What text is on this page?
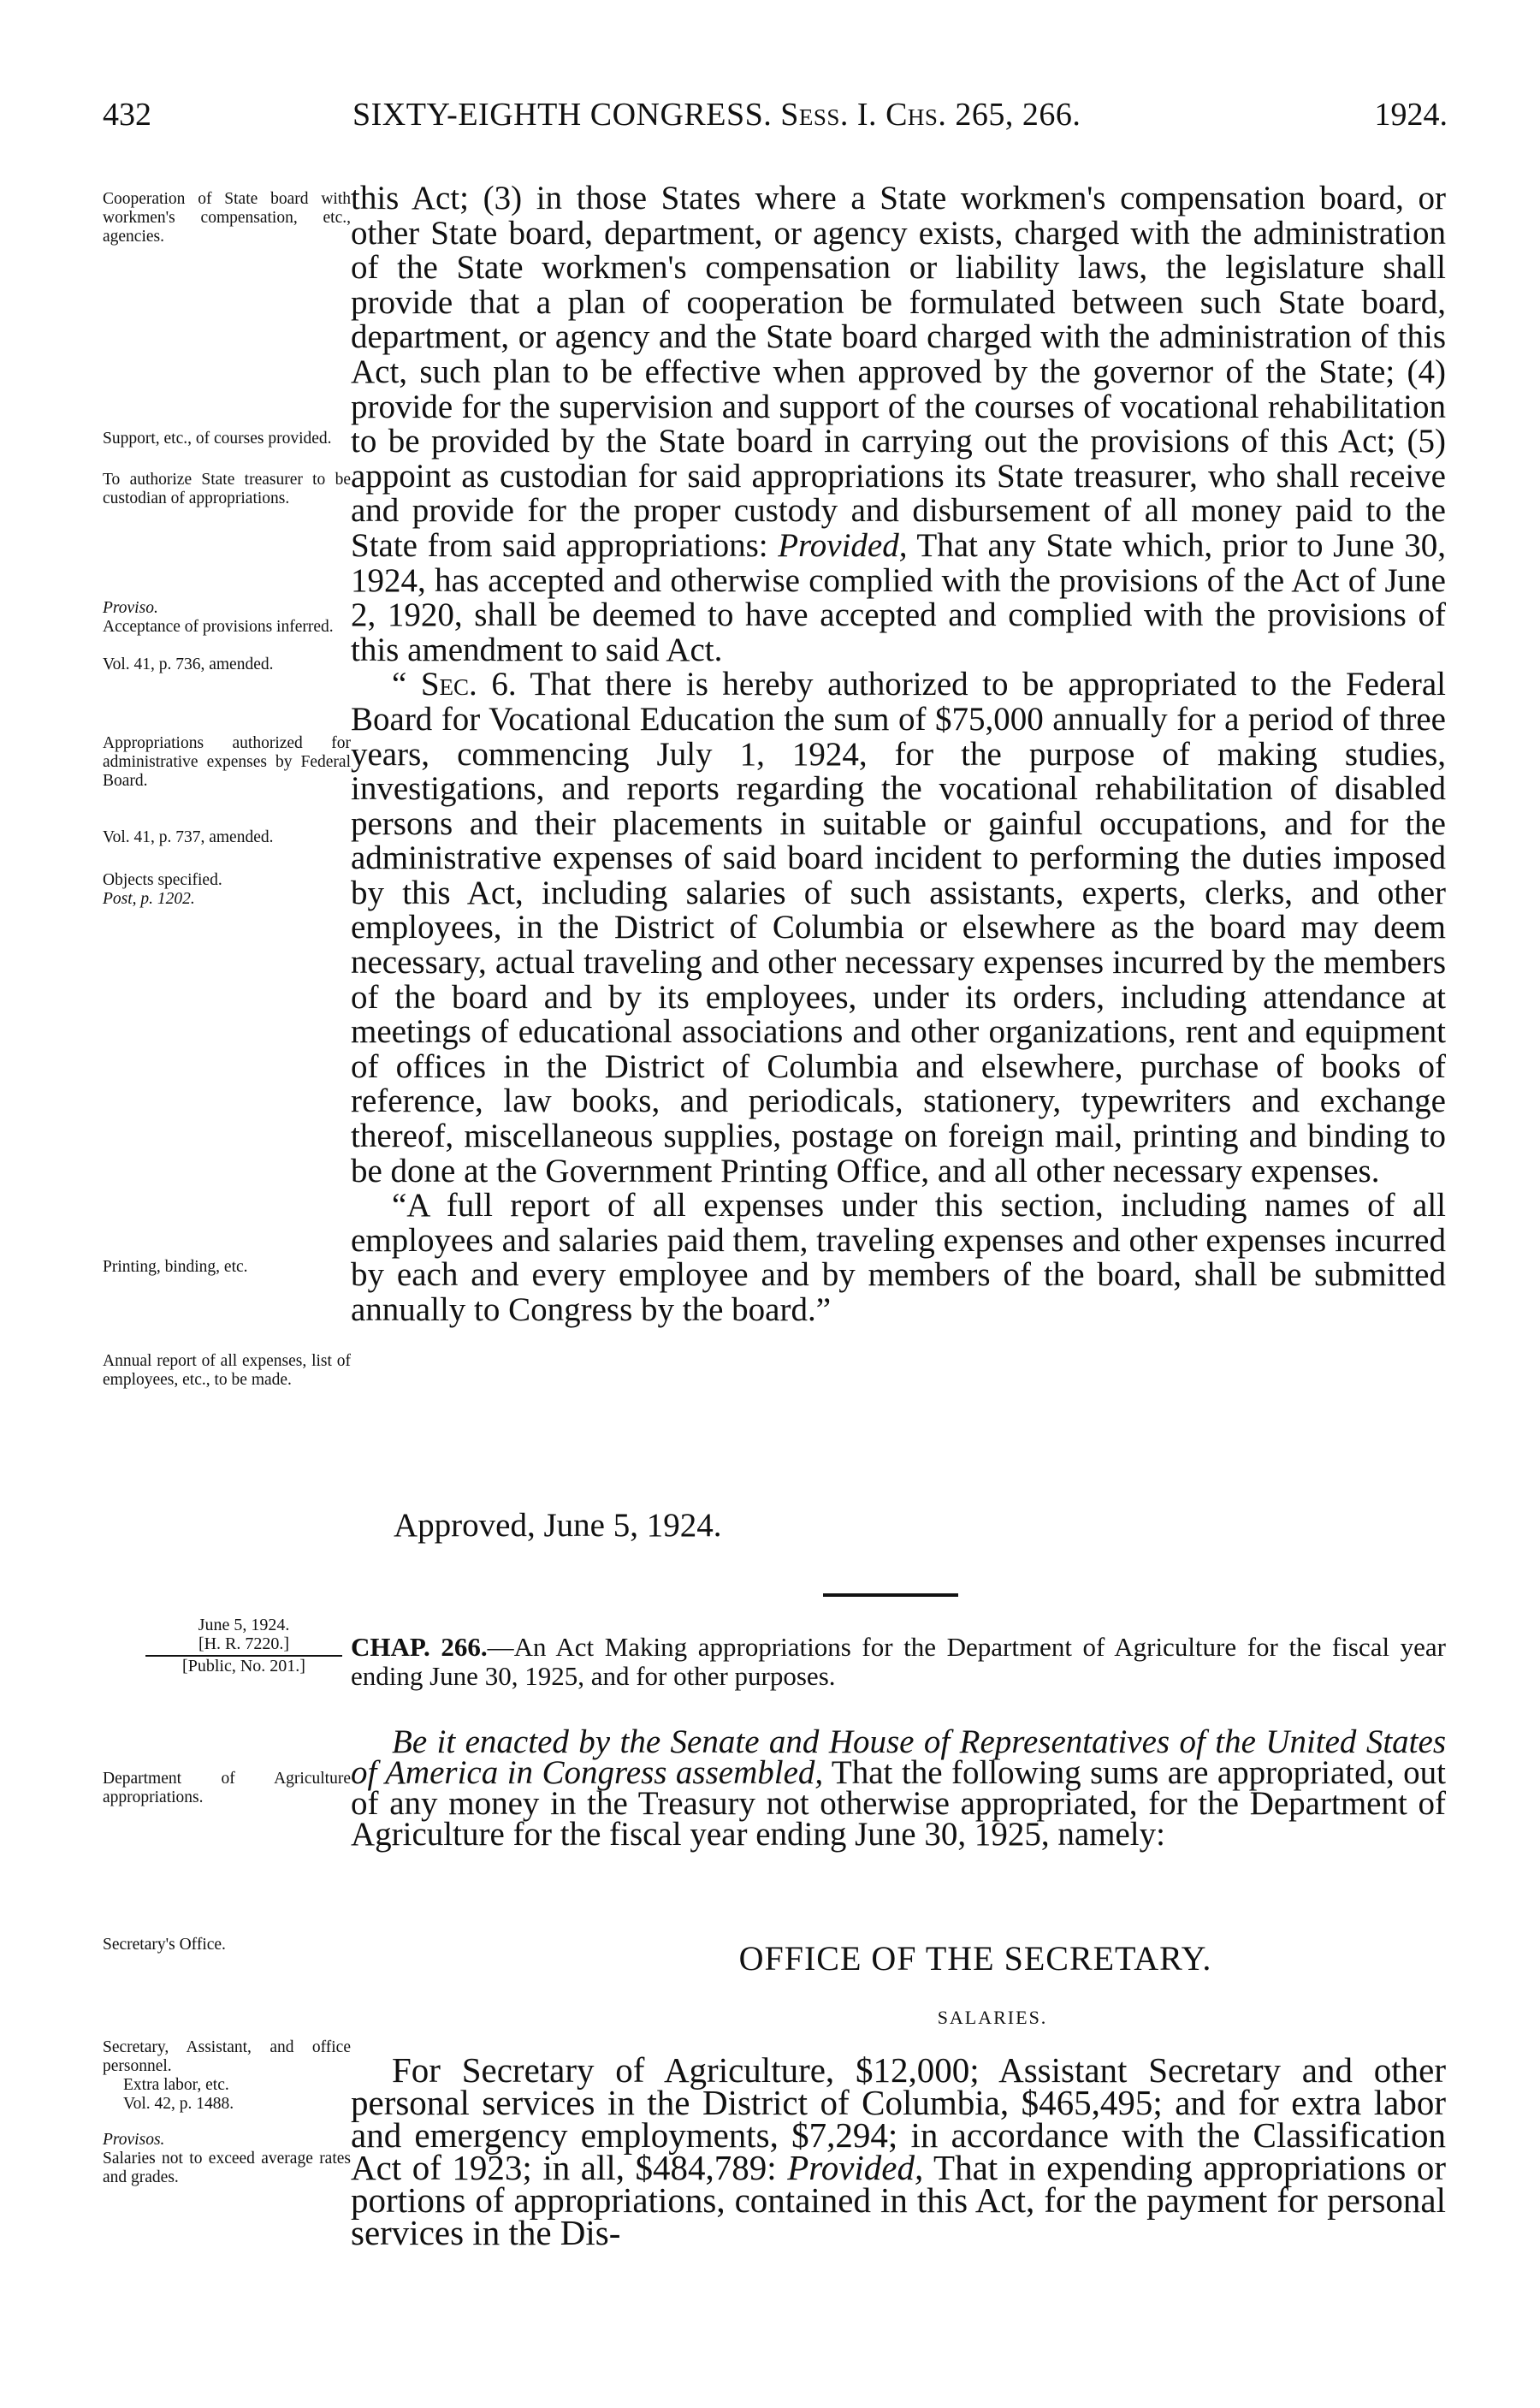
432	SIXTY-EIGHTH CONGRESS. Sess. I. Chs. 265, 266.	1924.
Cooperation of State board with workmen's compensation, etc., agencies.
Support, etc., of courses provided.
To authorize State treasurer to be custodian of appropriations.
Proviso.
Acceptance of provisions inferred.
Vol. 41, p. 736, amended.
Appropriations authorized for administrative expenses by Federal Board.
Vol. 41, p. 737, amended.
Objects specified.
Post, p. 1202.
Printing, binding, etc.
Annual report of all expenses, list of employees, etc., to be made.

this Act; (3) in those States where a State workmen's compensation board, or other State board, department, or agency exists, charged with the administration of the State workmen's compensation or liability laws, the legislature shall provide that a plan of cooperation be formulated between such State board, department, or agency and the State board charged with the administration of this Act, such plan to be effective when approved by the governor of the State; (4) provide for the supervision and support of the courses of vocational rehabilitation to be provided by the State board in carrying out the provisions of this Act; (5) appoint as custodian for said appropriations its State treasurer, who shall receive and provide for the proper custody and disbursement of all money paid to the State from said appropriations: Provided, That any State which, prior to June 30, 1924, has accepted and otherwise complied with the provisions of the Act of June 2, 1920, shall be deemed to have accepted and complied with the provisions of this amendment to said Act.

“ Sec. 6. That there is hereby authorized to be appropriated to the Federal Board for Vocational Education the sum of $75,000 annually for a period of three years, commencing July 1, 1924, for the purpose of making studies, investigations, and reports regarding the vocational rehabilitation of disabled persons and their placements in suitable or gainful occupations, and for the administrative expenses of said board incident to performing the duties imposed by this Act, including salaries of such assistants, experts, clerks, and other employees, in the District of Columbia or elsewhere as the board may deem necessary, actual traveling and other necessary expenses incurred by the members of the board and by its employees, under its orders, including attendance at meetings of educational associations and other organizations, rent and equipment of offices in the District of Columbia and elsewhere, purchase of books of reference, law books, and periodicals, stationery, typewriters and exchange thereof, miscellaneous supplies, postage on foreign mail, printing and binding to be done at the Government Printing Office, and all other necessary expenses.

“A full report of all expenses under this section, including names of all employees and salaries paid them, traveling expenses and other expenses incurred by each and every employee and by members of the board, shall be submitted annually to Congress by the board.”

Approved, June 5, 1924.
June 5, 1924.
[H. R. 7220.]
[Public, No. 201.]
CHAP. 266.—An Act Making appropriations for the Department of Agriculture for the fiscal year ending June 30, 1925, and for other purposes.
Department of Agriculture appropriations.
Be it enacted by the Senate and House of Representatives of the United States of America in Congress assembled, That the following sums are appropriated, out of any money in the Treasury not otherwise appropriated, for the Department of Agriculture for the fiscal year ending June 30, 1925, namely:
Secretary's Office.	OFFICE OF THE SECRETARY.
SALARIES.
Secretary, Assistant, and office personnel.
Extra labor, etc.
Vol. 42, p. 1488.
Provisos.
Salaries not to exceed average rates and grades.
For Secretary of Agriculture, $12,000; Assistant Secretary and other personal services in the District of Columbia, $465,495; and for extra labor and emergency employments, $7,294; in accordance with the Classification Act of 1923; in all, $484,789: Provided, That in expending appropriations or portions of appropriations, contained in this Act, for the payment for personal services in the Dis-
